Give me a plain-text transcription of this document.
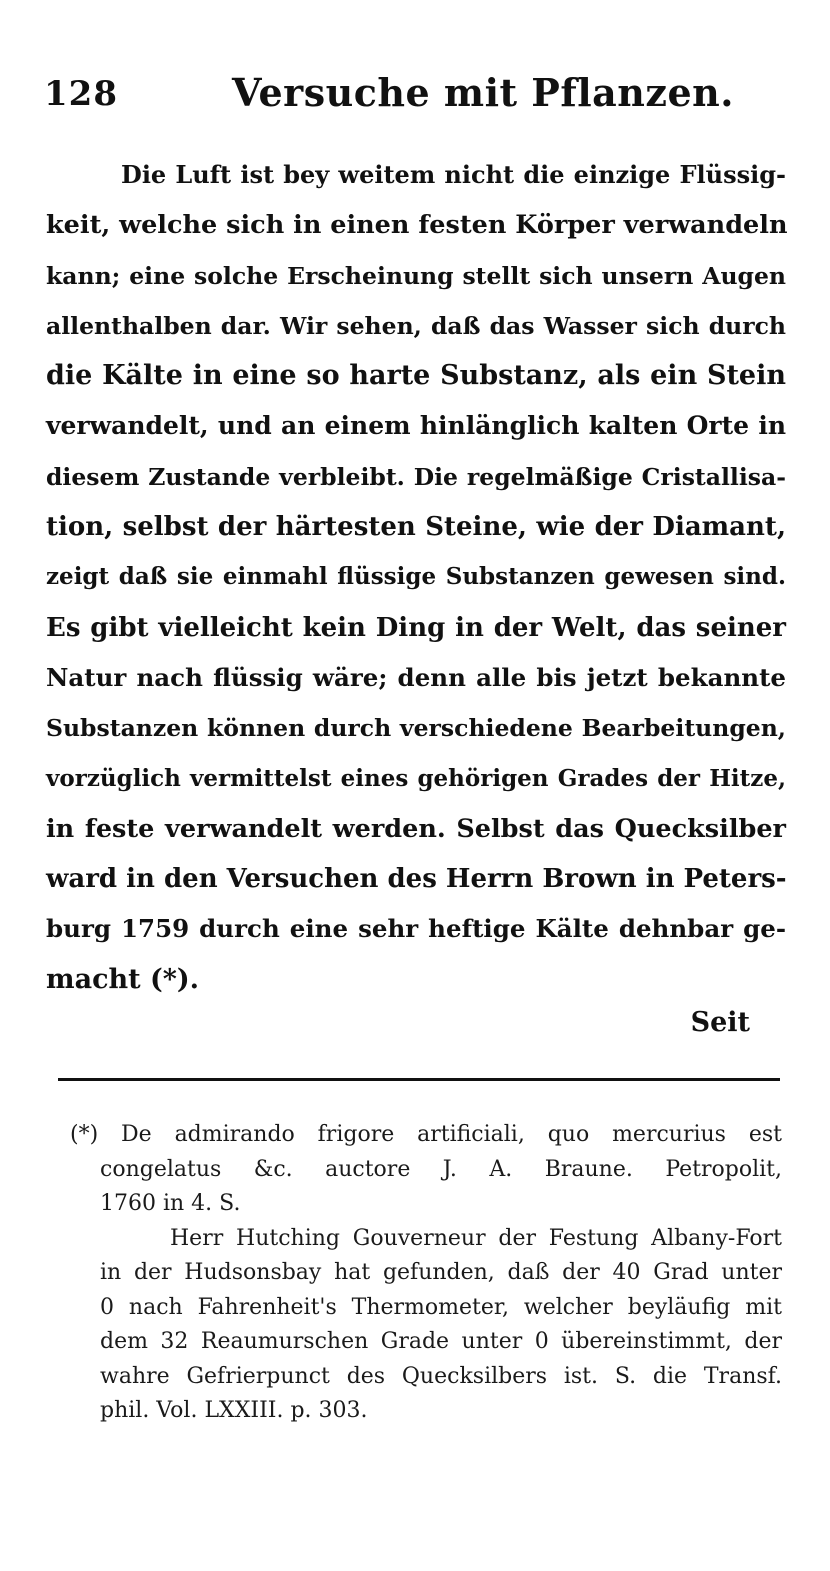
128	Versuche mit Pflanzen.
Die Luft ist bey weitem nicht die einzige Flüssig-
keit, welche sich in einen festen Körper verwandeln
kann; eine solche Erscheinung stellt sich unsern Augen
allenthalben dar. Wir sehen, daß das Wasser sich durch
die Kälte in eine so harte Substanz, als ein Stein
verwandelt, und an einem hinlänglich kalten Orte in
diesem Zustande verbleibt. Die regelmäßige Cristallisa-
tion, selbst der härtesten Steine, wie der Diamant,
zeigt daß sie einmahl flüssige Substanzen gewesen sind.
Es gibt vielleicht kein Ding in der Welt, das seiner
Natur nach flüssig wäre; denn alle bis jetzt bekannte
Substanzen können durch verschiedene Bearbeitungen,
vorzüglich vermittelst eines gehörigen Grades der Hitze,
in feste verwandelt werden. Selbst das Quecksilber
ward in den Versuchen des Herrn Brown in Peters-
burg 1759 durch eine sehr heftige Kälte dehnbar ge-
macht (*).
Seit
(*) De admirando frigore artificiali, quo mercurius est
congelatus &c. auctore J. A. Braune. Petropolit,
1760 in 4. S.
Herr Hutching Gouverneur der Festung Albany-Fort
in der Hudsonsbay hat gefunden, daß der 40 Grad unter
0 nach Fahrenheit's Thermometer, welcher beyläufig mit
dem 32 Reaumurschen Grade unter 0 übereinstimmt, der
wahre Gefrierpunct des Quecksilbers ist. S. die Transf.
phil. Vol. LXXIII. p. 303.
